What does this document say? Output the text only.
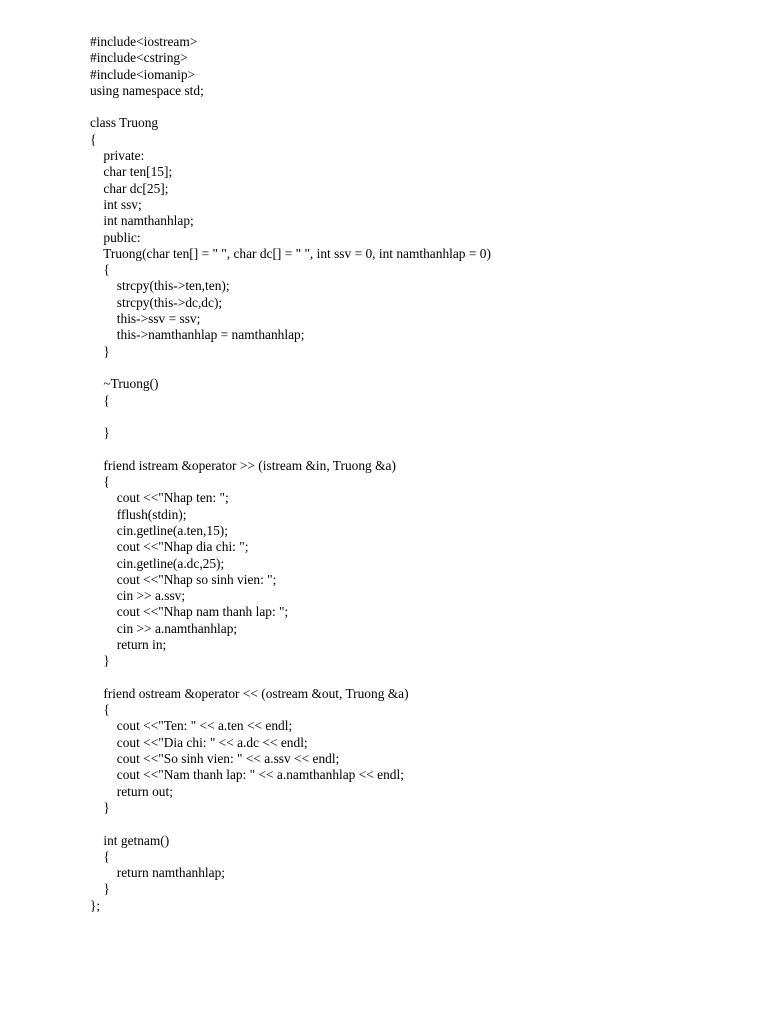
#include<iostream>
#include<cstring>
#include<iomanip>
using namespace std;
class Truong
{
private:
char ten[15];
char dc[25];
int ssv;
int namthanhlap;
public:
Truong(char ten[] = " ", char dc[] = " ", int ssv = 0, int namthanhlap = 0)
{
strcpy(this->ten,ten);
strcpy(this->dc,dc);
this->ssv = ssv;
this->namthanhlap = namthanhlap;
}
~Truong()
{
}
friend istream &operator >> (istream &in, Truong &a)
{
cout <<"Nhap ten: ";
fflush(stdin);
cin.getline(a.ten,15);
cout <<"Nhap dia chi: ";
cin.getline(a.dc,25);
cout <<"Nhap so sinh vien: ";
cin >> a.ssv;
cout <<"Nhap nam thanh lap: ";
cin >> a.namthanhlap;
return in;
}
friend ostream &operator << (ostream &out, Truong &a)
{
cout <<"Ten: " << a.ten << endl;
cout <<"Dia chi: " << a.dc << endl;
cout <<"So sinh vien: " << a.ssv << endl;
cout <<"Nam thanh lap: " << a.namthanhlap << endl;
return out;
}
int getnam()
{
return namthanhlap;
}
};
